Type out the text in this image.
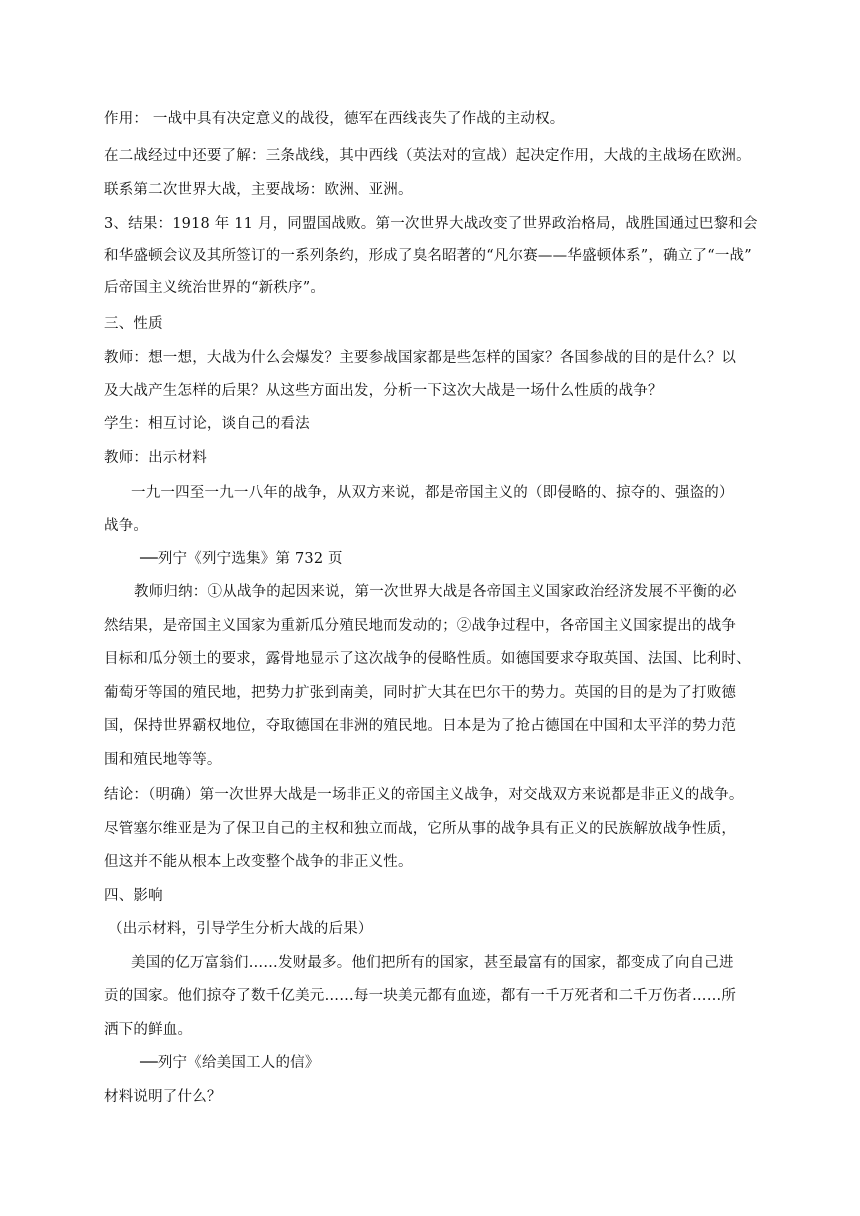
作用： 一战中具有决定意义的战役，德军在西线丧失了作战的主动权。
在二战经过中还要了解：三条战线，其中西线（英法对的宣战）起决定作用，大战的主战场在欧洲。
联系第二次世界大战，主要战场：欧洲、亚洲。
3、结果：1918 年 11 月，同盟国战败。第一次世界大战改变了世界政治格局，战胜国通过巴黎和会
和华盛顿会议及其所签订的一系列条约，形成了臭名昭著的“凡尔赛——华盛顿体系”，确立了“一战”
后帝国主义统治世界的“新秩序”。
三、性质
教师：想一想，大战为什么会爆发？主要参战国家都是些怎样的国家？各国参战的目的是什么？以
及大战产生怎样的后果？从这些方面出发，分析一下这次大战是一场什么性质的战争？
学生：相互讨论，谈自己的看法
教师：出示材料
一九一四至一九一八年的战争，从双方来说，都是帝国主义的（即侵略的、掠夺的、强盗的）
战争。
──列宁《列宁选集》第 732 页
教师归纳：①从战争的起因来说，第一次世界大战是各帝国主义国家政治经济发展不平衡的必
然结果，是帝国主义国家为重新瓜分殖民地而发动的；②战争过程中，各帝国主义国家提出的战争
目标和瓜分领土的要求，露骨地显示了这次战争的侵略性质。如德国要求夺取英国、法国、比利时、
葡萄牙等国的殖民地，把势力扩张到南美，同时扩大其在巴尔干的势力。英国的目的是为了打败德
国，保持世界霸权地位，夺取德国在非洲的殖民地。日本是为了抢占德国在中国和太平洋的势力范
围和殖民地等等。
结论：（明确）第一次世界大战是一场非正义的帝国主义战争，对交战双方来说都是非正义的战争。
尽管塞尔维亚是为了保卫自己的主权和独立而战，它所从事的战争具有正义的民族解放战争性质，
但这并不能从根本上改变整个战争的非正义性。
四、影响
（出示材料，引导学生分析大战的后果）
美国的亿万富翁们……发财最多。他们把所有的国家，甚至最富有的国家，都变成了向自己进
贡的国家。他们掠夺了数千亿美元……每一块美元都有血迹，都有一千万死者和二千万伤者……所
洒下的鲜血。
──列宁《给美国工人的信》
材料说明了什么？
